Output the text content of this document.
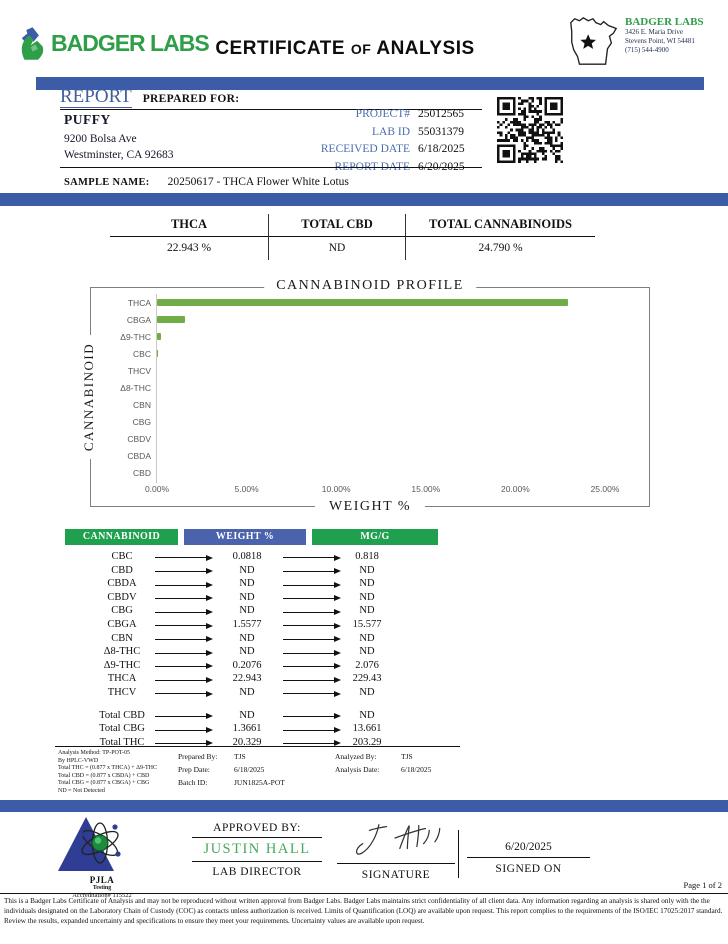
BADGER LABS CERTIFICATE OF ANALYSIS
BADGER LABS
3426 E. Maria Drive
Stevens Point, WI 54481
(715) 544-4900
REPORT PREPARED FOR:
PUFFY
9200 Bolsa Ave
Westminster, CA 92683
PROJECT# 25012565
LAB ID 55031379
RECEIVED DATE 6/18/2025
REPORT DATE 6/20/2025
SAMPLE NAME: 20250617 - THCA Flower White Lotus
THCA	TOTAL CBD	TOTAL CANNABINOIDS
22.943 %	ND	24.790 %
CANNABINOID PROFILE
CANNABINOID
THCA
CBGA
Δ9-THC
CBC
THCV
Δ8-THC
CBN
CBG
CBDV
CBDA
CBD
0.00%	5.00%	10.00%	15.00%	20.00%	25.00%
WEIGHT %
CANNABINOID	WEIGHT %	MG/G
CBC	0.0818	0.818
CBD	ND	ND
CBDA	ND	ND
CBDV	ND	ND
CBG	ND	ND
CBGA	1.5577	15.577
CBN	ND	ND
Δ8-THC	ND	ND
Δ9-THC	0.2076	2.076
THCA	22.943	229.43
THCV	ND	ND
Total CBD	ND	ND
Total CBG	1.3661	13.661
Total THC	20.329	203.29
Analysis Method: TP-POT-05
By HPLC-VWD
Total THC = (0.877 x THCA) + Δ9-THC
Total CBD = (0.877 x CBDA) + CBD
Total CBG = (0.877 x CBGA) + CBG
ND = Not Detected
Prepared By:	TJS
Prep Date:	6/18/2025
Batch ID:	JUN1825A-POT
Analyzed By:	TJS
Analysis Date:	6/18/2025
PJLA
Testing
Accreditation# 115522
APPROVED BY:
JUSTIN HALL
LAB DIRECTOR	SIGNATURE
6/20/2025
SIGNED ON
Page 1 of 2
This is a Badger Labs Certificate of Analysis and may not be reproduced without written approval from Badger Labs. Badger Labs maintains strict confidentiality of all client data. Any information regarding an analysis is shared only with the the individuals designated on the Laboratory Chain of Custody (COC) as contacts unless authorization is received. Limits of Quantification (LOQ) are available upon request. This report complies to the requirements of the ISO/IEC 17025:2017 standard. Review the results, expanded uncertainty and specifications to ensure they meet your requirements. Uncertainty values are available upon request.
